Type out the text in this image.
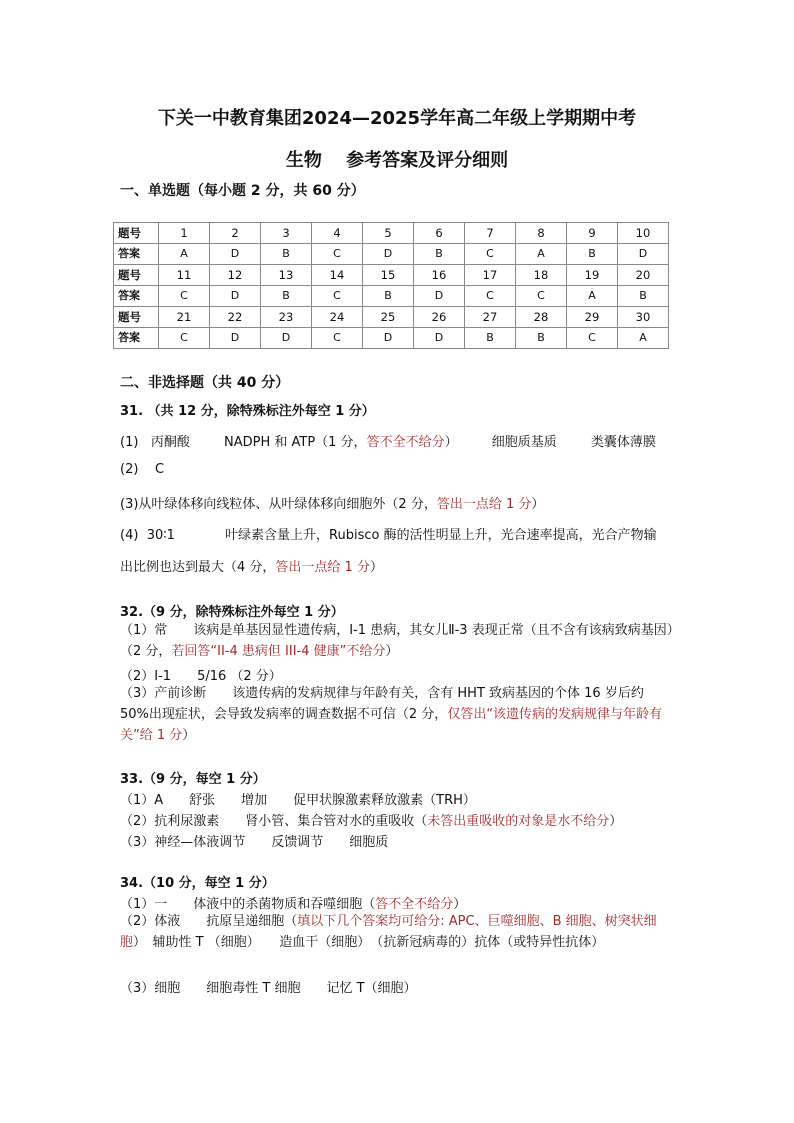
下关一中教育集团2024—2025学年高二年级上学期期中考
生物　 参考答案及评分细则
一、单选题（每小题 2 分，共 60 分）
题号	1	2	3	4	5	6	7	8	9	10
答案	A	D	B	C	D	B	C	A	B	D
题号	11	12	13	14	15	16	17	18	19	20
答案	C	D	B	C	B	D	C	C	A	B
题号	21	22	23	24	25	26	27	28	29	30
答案	C	D	D	C	D	D	B	B	C	A
二、非选择题（共 40 分）
31. （共 12 分，除特殊标注外每空 1 分）
(1) 丙酮酸	NADPH 和 ATP（1 分，答不全不给分）	细胞质基质	类囊体薄膜
(2) C
(3)从叶绿体移向线粒体、从叶绿体移向细胞外（2 分，答出一点给 1 分）
(4) 30∶1	叶绿素含量上升，Rubisco 酶的活性明显上升，光合速率提高，光合产物输
出比例也达到最大（4 分，答出一点给 1 分）
32.（9 分，除特殊标注外每空 1 分）
（1）常　　该病是单基因显性遗传病，I-1 患病，其女儿Ⅱ-3 表现正常（且不含有该病致病基因）（2 分，若回答“II-4 患病但 III-4 健康”不给分）
（2）I-1　　5/16 （2 分）
（3）产前诊断　　该遗传病的发病规律与年龄有关，含有 HHT 致病基因的个体 16 岁后约 50%出现症状，会导致发病率的调查数据不可信（2 分，仅答出“该遗传病的发病规律与年龄有关”给 1 分）
33.（9 分，每空 1 分）
（1）A　　舒张　　增加　　促甲状腺激素释放激素（TRH）
（2）抗利尿激素　　肾小管、集合管对水的重吸收（未答出重吸收的对象是水不给分）
（3）神经—体液调节　　反馈调节　　细胞质
34.（10 分，每空 1 分）
（1）一　　体液中的杀菌物质和吞噬细胞（答不全不给分）
（2）体液　　抗原呈递细胞（填以下几个答案均可给分: APC、巨噬细胞、B 细胞、树突状细胞）　辅助性 T （细胞）　　造血干（细胞）　（抗新冠病毒的）抗体（或特异性抗体）
（3）细胞　　细胞毒性 T 细胞　　记忆 T（细胞）
